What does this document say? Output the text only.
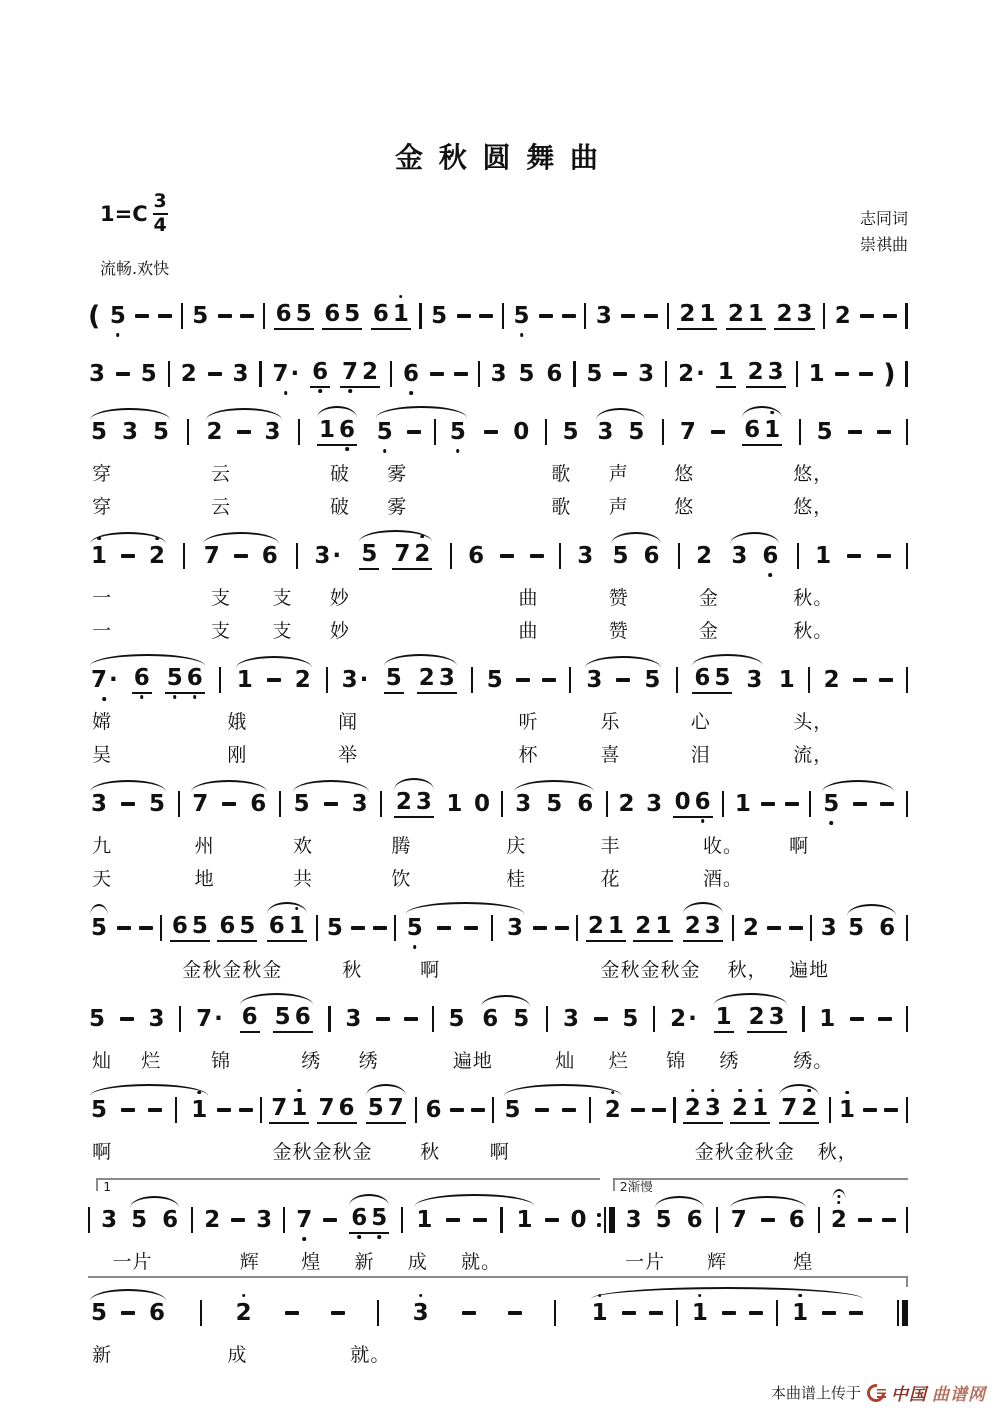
金 秋 圆 舞 曲
$1=C \frac{3}{4}$	志同词
崇祺曲
流畅.欢快
( 5	5	6 5 6 5 6 1 5	5	3	2 1 2 1 2 3 2
3 5 2 3 7 · 6 7 2 6	3 5 6 5 3 2 · 1 2 3 1 )
5 3 5 2 3 1 6 5 5 0 5 3 5 7 6 1 5
穿	云	破 雾	歌 声 悠	悠，
穿	云	破 雾	歌 声 悠	悠，
1 2 7 6 3 · 5 7 2 6	3 5 6 2 3 6 1
一	支 支 妙	曲	赞	金	秋。
一	支 支 妙	曲	赞	金	秋。
7 · 6 5 6 1 2 3 · 5 2 3 5	3 5 6 5 3 1 2
嫦	娥	闻	听	乐	心	头，
吴	刚	举	杯	喜	泪	流，
3 5 7 6 5 3 2 3 1 0 3 5 6 2 3 0 6 1	5
九	州	欢	腾	庆	丰	收。 啊
天	地	共	饮	桂	花	酒。
5	6 5 6 5 6 1 5	5	3	2 1 2 1 2 3 2	3 5 6
金秋金秋金	秋	啊	金秋金秋金 秋， 遍地
5 3 7 · 6 5 6 3	5 6 5 3 5 2 · 1 2 3 1
灿 烂	锦	绣 绣	遍地	灿 烂 锦 绣	绣。
5	1	7 1 7 6 5 7 6	5	2	2 3 2 1 7 2 1
啊	金秋金秋金	秋	啊	金秋金秋金 秋，
1	2渐慢
3 5 6 2 3 7 6 5 1	1 0 3 5 6 7 6 2
一片	辉 煌 新 成 就。	一片 辉	煌
5 6	2	3	1	1	1
新	成	就。
本曲谱上传于 中国 曲谱网
